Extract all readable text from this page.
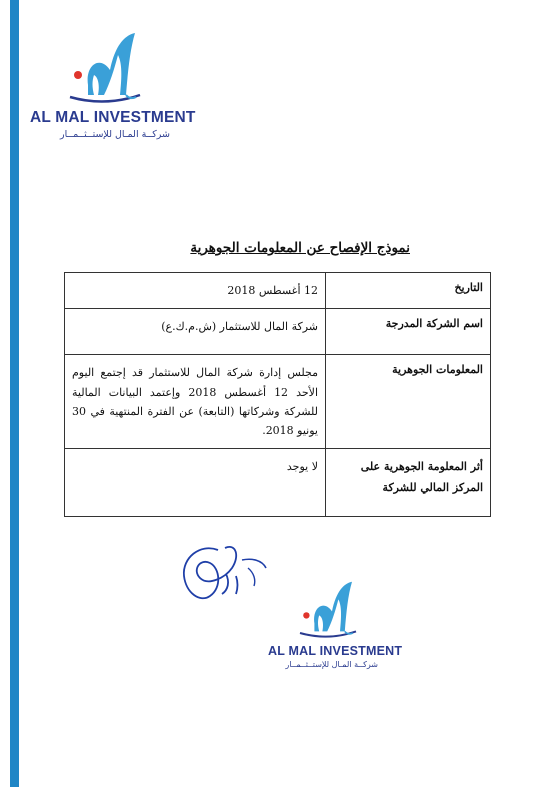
AL MAL INVESTMENT
شركــة المـال للإستــثــمــار
نموذج الإفصاح عن المعلومات الجوهرية
التاريخ	12 أغسطس 2018
اسم الشركة المدرجة	شركة المال للاستثمار (ش.م.ك.ع)
المعلومات الجوهرية	مجلس إدارة شركة المال للاستثمار قد إجتمع اليوم الأحد 12 أغسطس 2018 وإعتمد البيانات المالية للشركة وشركاتها (التابعة) عن الفترة المنتهية في 30 يونيو 2018.
أثر المعلومة الجوهرية على المركز المالي للشركة	لا يوجد
AL MAL INVESTMENT
شركــة المـال للإستــثــمــار
